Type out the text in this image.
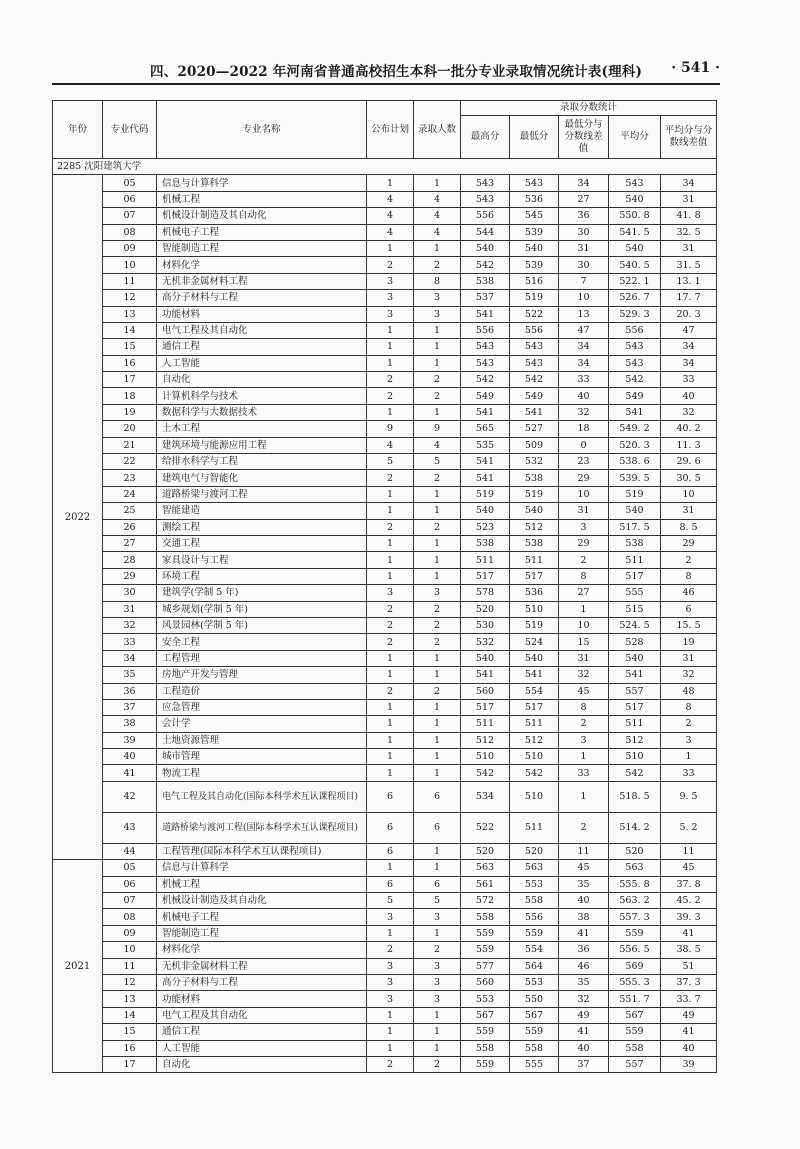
四、2020—2022 年河南省普通高校招生本科一批分专业录取情况统计表(理科) · 541 ·
年份	专业代码	专业名称	公布计划	录取人数	录取分数统计				
					最高分	最低分	最低分与分数线差值	平均分	平均分与分数线差值
2285 沈阳建筑大学									
2022	05	信息与计算科学	1	1	543	543	34	543	34
	06	机械工程	4	4	543	536	27	540	31
	07	机械设计制造及其自动化	4	4	556	545	36	550. 8	41. 8
	08	机械电子工程	4	4	544	539	30	541. 5	32. 5
	09	智能制造工程	1	1	540	540	31	540	31
	10	材料化学	2	2	542	539	30	540. 5	31. 5
	11	无机非金属材料工程	3	8	538	516	7	522. 1	13. 1
	12	高分子材料与工程	3	3	537	519	10	526. 7	17. 7
	13	功能材料	3	3	541	522	13	529. 3	20. 3
	14	电气工程及其自动化	1	1	556	556	47	556	47
	15	通信工程	1	1	543	543	34	543	34
	16	人工智能	1	1	543	543	34	543	34
	17	自动化	2	2	542	542	33	542	33
	18	计算机科学与技术	2	2	549	549	40	549	40
	19	数据科学与大数据技术	1	1	541	541	32	541	32
	20	土木工程	9	9	565	527	18	549. 2	40. 2
	21	建筑环境与能源应用工程	4	4	535	509	0	520. 3	11. 3
	22	给排水科学与工程	5	5	541	532	23	538. 6	29. 6
	23	建筑电气与智能化	2	2	541	538	29	539. 5	30. 5
	24	道路桥梁与渡河工程	1	1	519	519	10	519	10
	25	智能建造	1	1	540	540	31	540	31
	26	测绘工程	2	2	523	512	3	517. 5	8. 5
	27	交通工程	1	1	538	538	29	538	29
	28	家具设计与工程	1	1	511	511	2	511	2
	29	环境工程	1	1	517	517	8	517	8
	30	建筑学(学制 5 年)	3	3	578	536	27	555	46
	31	城乡规划(学制 5 年)	2	2	520	510	1	515	6
	32	风景园林(学制 5 年)	2	2	530	519	10	524. 5	15. 5
	33	安全工程	2	2	532	524	15	528	19
	34	工程管理	1	1	540	540	31	540	31
	35	房地产开发与管理	1	1	541	541	32	541	32
	36	工程造价	2	2	560	554	45	557	48
	37	应急管理	1	1	517	517	8	517	8
	38	会计学	1	1	511	511	2	511	2
	39	土地资源管理	1	1	512	512	3	512	3
	40	城市管理	1	1	510	510	1	510	1
	41	物流工程	1	1	542	542	33	542	33
	42	电气工程及其自动化(国际本科学术互认课程项目)	6	6	534	510	1	518. 5	9. 5
	43	道路桥梁与渡河工程(国际本科学术互认课程项目)	6	6	522	511	2	514. 2	5. 2
	44	工程管理(国际本科学术互认课程项目)	6	1	520	520	11	520	11
2021	05	信息与计算科学	1	1	563	563	45	563	45
	06	机械工程	6	6	561	553	35	555. 8	37. 8
	07	机械设计制造及其自动化	5	5	572	558	40	563. 2	45. 2
	08	机械电子工程	3	3	558	556	38	557. 3	39. 3
	09	智能制造工程	1	1	559	559	41	559	41
	10	材料化学	2	2	559	554	36	556. 5	38. 5
	11	无机非金属材料工程	3	3	577	564	46	569	51
	12	高分子材料与工程	3	3	560	553	35	555. 3	37. 3
	13	功能材料	3	3	553	550	32	551. 7	33. 7
	14	电气工程及其自动化	1	1	567	567	49	567	49
	15	通信工程	1	1	559	559	41	559	41
	16	人工智能	1	1	558	558	40	558	40
	17	自动化	2	2	559	555	37	557	39
